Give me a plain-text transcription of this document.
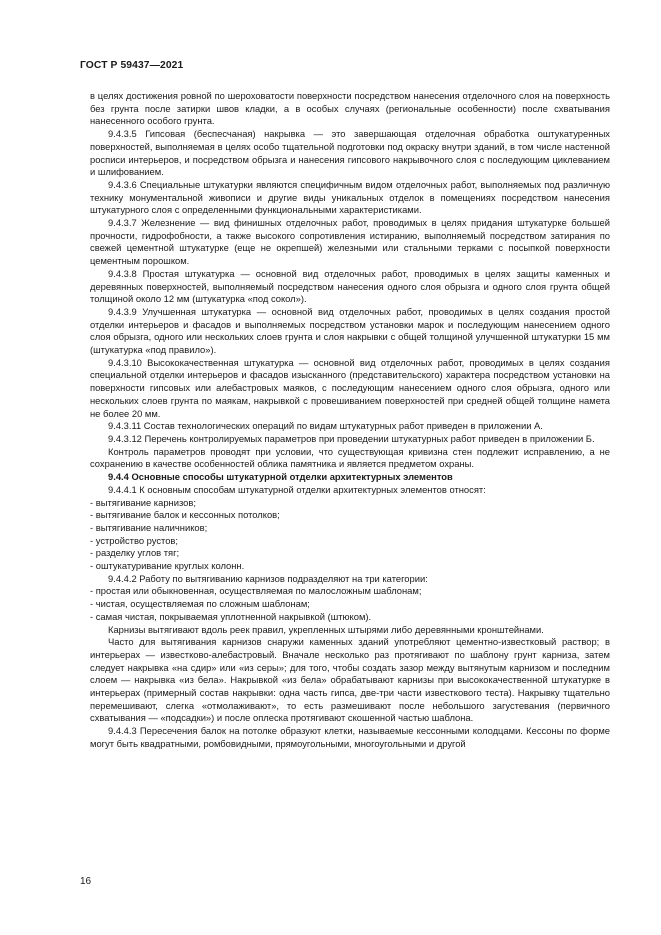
ГОСТ Р 59437—2021

в целях достижения ровной по шероховатости поверхности посредством нанесения отделочного слоя на поверхность без грунта после затирки швов кладки, а в особых случаях (региональные особенности) после схватывания нанесенного особого грунта.

9.4.3.5 Гипсовая (беспесчаная) накрывка — это завершающая отделочная обработка оштукатуренных поверхностей, выполняемая в целях особо тщательной подготовки под окраску внутри зданий, в том числе настенной росписи интерьеров, и посредством обрызга и нанесения гипсового накрывочного слоя с последующим циклеванием и шлифованием.

9.4.3.6 Специальные штукатурки являются специфичным видом отделочных работ, выполняемых под различную технику монументальной живописи и другие виды уникальных отделок в помещениях посредством нанесения штукатурного слоя с определенными функциональными характеристиками.

9.4.3.7 Железнение — вид финишных отделочных работ, проводимых в целях придания штукатурке большей прочности, гидрофобности, а также высокого сопротивления истиранию, выполняемый посредством затирания по свежей цементной штукатурке (еще не окрепшей) железными или стальными терками с посыпкой поверхности цементным порошком.

9.4.3.8 Простая штукатурка — основной вид отделочных работ, проводимых в целях защиты каменных и деревянных поверхностей, выполняемый посредством нанесения одного слоя обрызга и одного слоя грунта общей толщиной около 12 мм (штукатурка «под сокол»).

9.4.3.9 Улучшенная штукатурка — основной вид отделочных работ, проводимых в целях создания простой отделки интерьеров и фасадов и выполняемых посредством установки марок и последующим нанесением одного слоя обрызга, одного или нескольких слоев грунта и слоя накрывки с общей толщиной улучшенной штукатурки 15 мм (штукатурка «под правило»).

9.4.3.10 Высококачественная штукатурка — основной вид отделочных работ, проводимых в целях создания специальной отделки интерьеров и фасадов изысканного (представительского) характера посредством установки на поверхности гипсовых или алебастровых маяков, с последующим нанесением одного слоя обрызга, одного или нескольких слоев грунта по маякам, накрывкой с провешиванием поверхностей при средней общей толщине намета не более 20 мм.

9.4.3.11 Состав технологических операций по видам штукатурных работ приведен в приложении А.

9.4.3.12 Перечень контролируемых параметров при проведении штукатурных работ приведен в приложении Б.

Контроль параметров проводят при условии, что существующая кривизна стен подлежит исправлению, а не сохранению в качестве особенностей облика памятника и является предметом охраны.

9.4.4 Основные способы штукатурной отделки архитектурных элементов

9.4.4.1 К основным способам штукатурной отделки архитектурных элементов относят:

- вытягивание карнизов;
- вытягивание балок и кессонных потолков;
- вытягивание наличников;
- устройство рустов;
- разделку углов тяг;
- оштукатуривание круглых колонн.

9.4.4.2 Работу по вытягиванию карнизов подразделяют на три категории:

- простая или обыкновенная, осуществляемая по малосложным шаблонам;
- чистая, осуществляемая по сложным шаблонам;
- самая чистая, покрываемая уплотненной накрывкой (штюком).

Карнизы вытягивают вдоль реек правил, укрепленных штырями либо деревянными кронштейнами.

Часто для вытягивания карнизов снаружи каменных зданий употребляют цементно-известковый раствор; в интерьерах — известково-алебастровый. Вначале несколько раз протягивают по шаблону грунт карниза, затем следует накрывка «на сдир» или «из серы»; для того, чтобы создать зазор между вытянутым карнизом и последним слоем — накрывка «из бела». Накрывкой «из бела» обрабатывают карнизы при высококачественной штукатурке в интерьерах (примерный состав накрывки: одна часть гипса, две-три части известкового теста). Накрывку тщательно перемешивают, слегка «отмолаживают», то есть размешивают после небольшого загустевания (первичного схватывания — «подсадки») и после оплеска протягивают скошенной частью шаблона.

9.4.4.3 Пересечения балок на потолке образуют клетки, называемые кессонными колодцами. Кессоны по форме могут быть квадратными, ромбовидными, прямоугольными, многоугольными и другой

16
